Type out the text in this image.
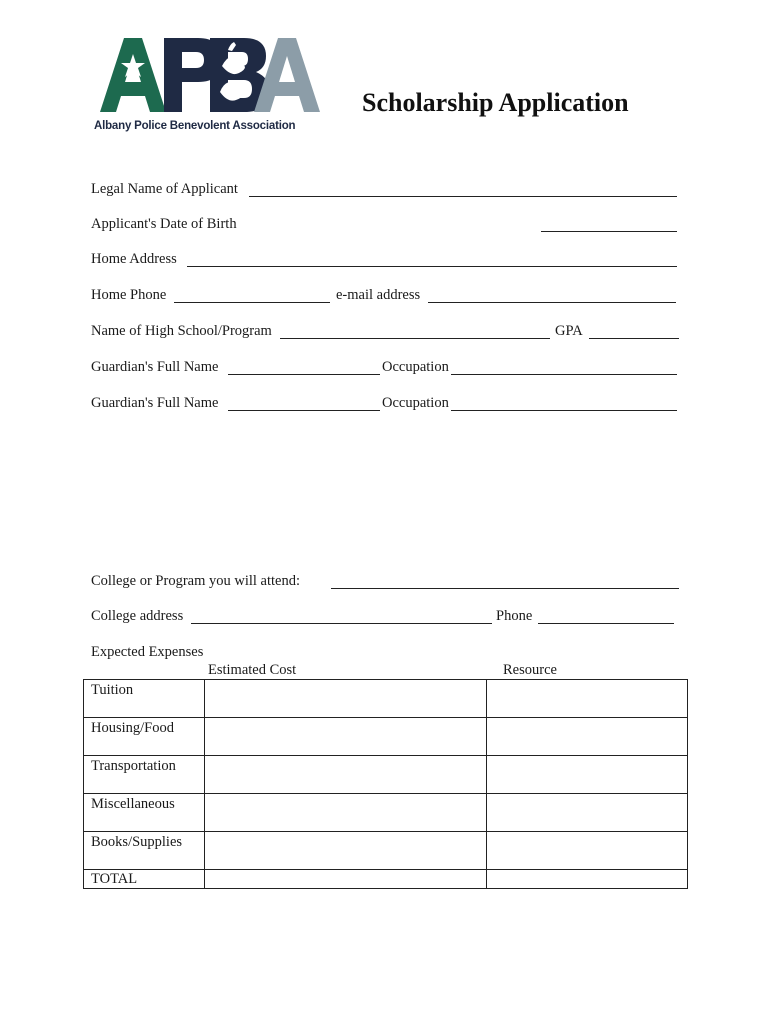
Albany Police Benevolent Association
Scholarship Application
Legal Name of Applicant
Applicant's Date of Birth
Home Address
Home Phone	e-mail address
Name of High School/Program	GPA
Guardian's Full Name	Occupation
Guardian's Full Name	Occupation
College or Program you will attend:
College address	Phone
Expected Expenses
Estimated Cost	Resource
Tuition		
Housing/Food		
Transportation		
Miscellaneous		
Books/Supplies		
TOTAL		
